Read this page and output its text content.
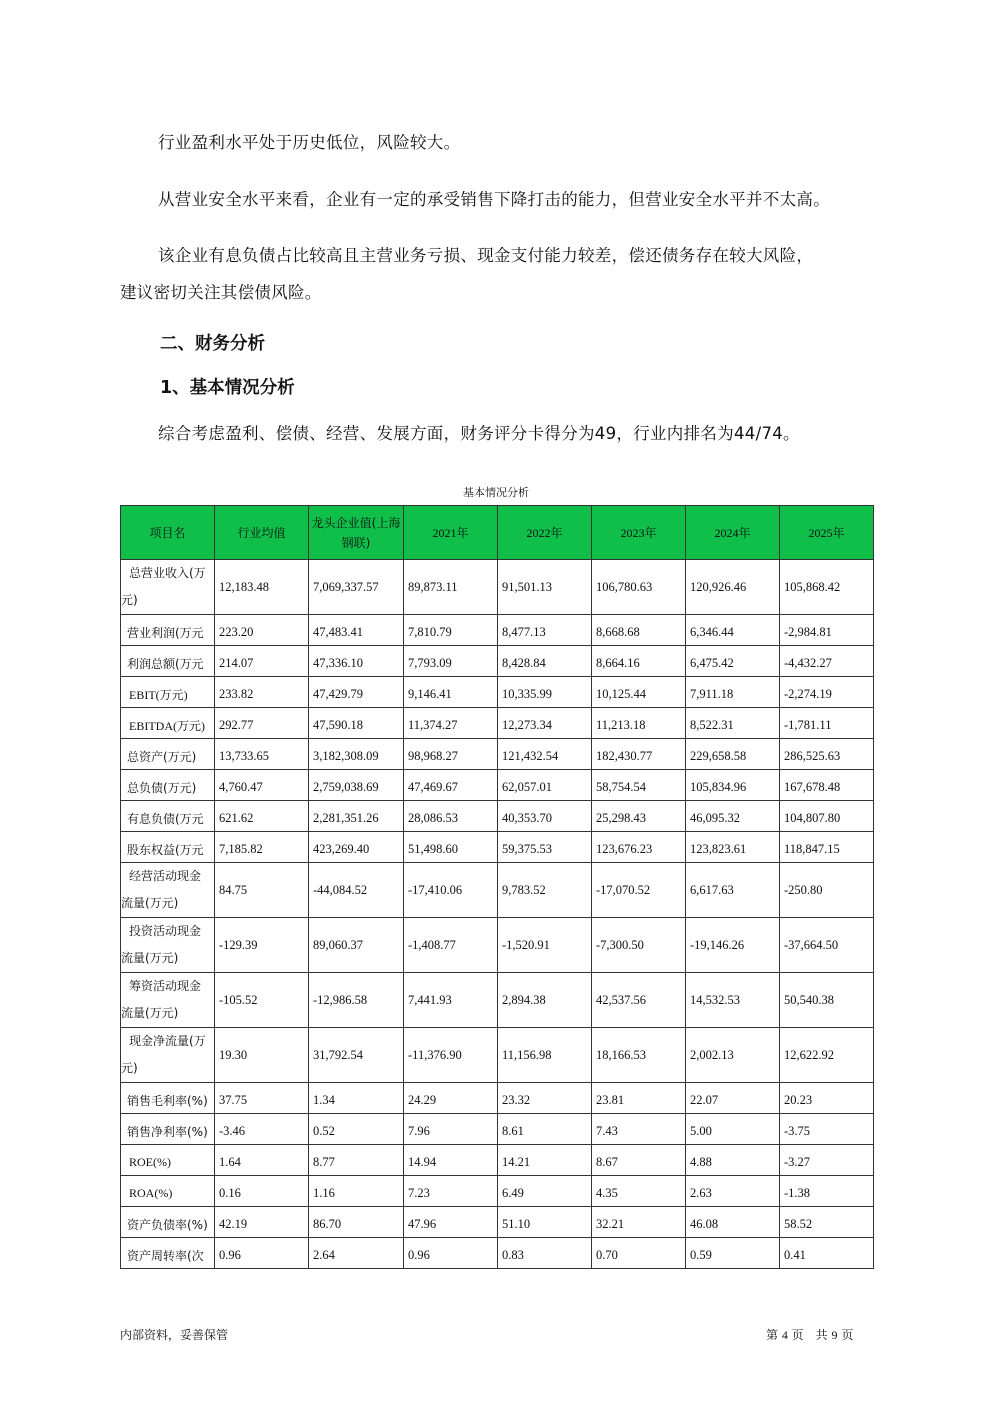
行业盈利水平处于历史低位，风险较大。

从营业安全水平来看，企业有一定的承受销售下降打击的能力，但营业安全水平并不太高。

该企业有息负债占比较高且主营业务亏损、现金支付能力较差，偿还债务存在较大风险，
建议密切关注其偿债风险。

二、财务分析
1、基本情况分析

综合考虑盈利、偿债、经营、发展方面，财务评分卡得分为49，行业内排名为44/74。

基本情况分析
项目名	行业均值	龙头企业值(上海钢联)	2021年	2022年	2023年	2024年	2025年
总营业收入(万元)	12,183.48	7,069,337.57	89,873.11	91,501.13	106,780.63	120,926.46	105,868.42
营业利润(万元	223.20	47,483.41	7,810.79	8,477.13	8,668.68	6,346.44	-2,984.81
利润总额(万元	214.07	47,336.10	7,793.09	8,428.84	8,664.16	6,475.42	-4,432.27
EBIT(万元)	233.82	47,429.79	9,146.41	10,335.99	10,125.44	7,911.18	-2,274.19
EBITDA(万元)	292.77	47,590.18	11,374.27	12,273.34	11,213.18	8,522.31	-1,781.11
总资产(万元)	13,733.65	3,182,308.09	98,968.27	121,432.54	182,430.77	229,658.58	286,525.63
总负债(万元)	4,760.47	2,759,038.69	47,469.67	62,057.01	58,754.54	105,834.96	167,678.48
有息负债(万元	621.62	2,281,351.26	28,086.53	40,353.70	25,298.43	46,095.32	104,807.80
股东权益(万元	7,185.82	423,269.40	51,498.60	59,375.53	123,676.23	123,823.61	118,847.15
经营活动现金流量(万元)	84.75	-44,084.52	-17,410.06	9,783.52	-17,070.52	6,617.63	-250.80
投资活动现金流量(万元)	-129.39	89,060.37	-1,408.77	-1,520.91	-7,300.50	-19,146.26	-37,664.50
筹资活动现金流量(万元)	-105.52	-12,986.58	7,441.93	2,894.38	42,537.56	14,532.53	50,540.38
现金净流量(万元)	19.30	31,792.54	-11,376.90	11,156.98	18,166.53	2,002.13	12,622.92
销售毛利率(%)	37.75	1.34	24.29	23.32	23.81	22.07	20.23
销售净利率(%)	-3.46	0.52	7.96	8.61	7.43	5.00	-3.75
ROE(%)	1.64	8.77	14.94	14.21	8.67	4.88	-3.27
ROA(%)	0.16	1.16	7.23	6.49	4.35	2.63	-1.38
资产负债率(%)	42.19	86.70	47.96	51.10	32.21	46.08	58.52
资产周转率(次	0.96	2.64	0.96	0.83	0.70	0.59	0.41
内部资料，妥善保管	第 4 页　共 9 页
